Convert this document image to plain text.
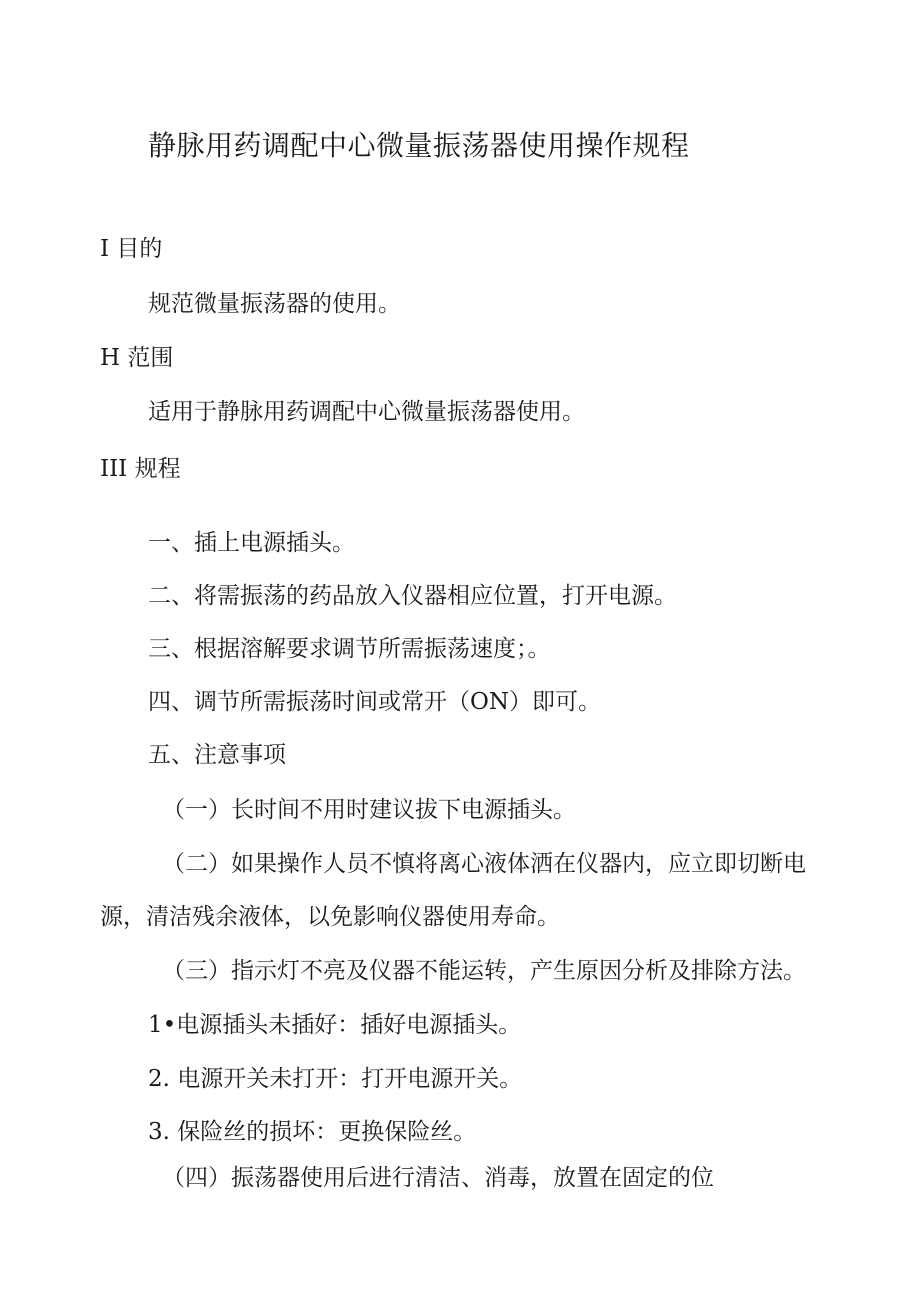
静脉用药调配中心微量振荡器使用操作规程
I 目的
规范微量振荡器的使用。
H 范围
适用于静脉用药调配中心微量振荡器使用。
III 规程
一、插上电源插头。
二、将需振荡的药品放入仪器相应位置，打开电源。
三、根据溶解要求调节所需振荡速度；。
四、调节所需振荡时间或常开（ON）即可。
五、注意事项
（一）长时间不用时建议拔下电源插头。
（二）如果操作人员不慎将离心液体洒在仪器内，应立即切断电
源，清洁残余液体，以免影响仪器使用寿命。
（三）指示灯不亮及仪器不能运转，产生原因分析及排除方法。
1•电源插头未插好：插好电源插头。
2. 电源开关未打开：打开电源开关。
3. 保险丝的损坏：更换保险丝。
（四）振荡器使用后进行清洁、消毒，放置在固定的位
